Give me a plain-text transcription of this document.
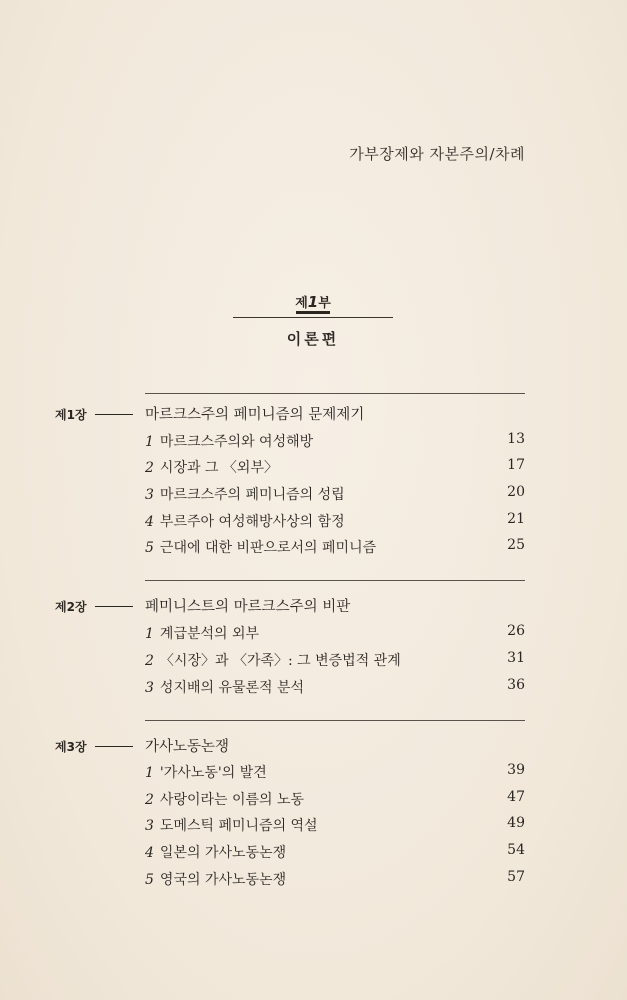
가부장제와 자본주의/차례
제1부
이론편
제1장	마르크스주의 페미니즘의 문제제기
1 마르크스주의와 여성해방	13
2 시장과 그 〈외부〉	17
3 마르크스주의 페미니즘의 성립	20
4 부르주아 여성해방사상의 함정	21
5 근대에 대한 비판으로서의 페미니즘	25
제2장	페미니스트의 마르크스주의 비판
1 계급분석의 외부	26
2 〈시장〉과 〈가족〉: 그 변증법적 관계	31
3 성지배의 유물론적 분석	36
제3장	가사노동논쟁
1 '가사노동'의 발견	39
2 사랑이라는 이름의 노동	47
3 도메스틱 페미니즘의 역설	49
4 일본의 가사노동논쟁	54
5 영국의 가사노동논쟁	57
